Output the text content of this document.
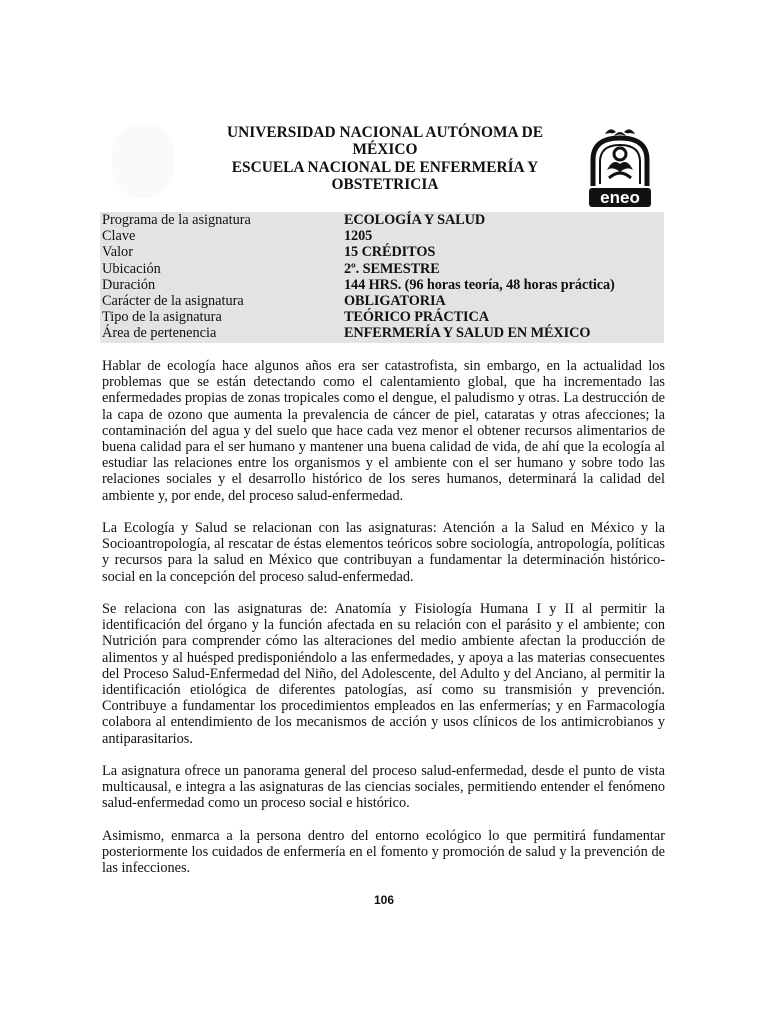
UNIVERSIDAD NACIONAL AUTÓNOMA DE
MÉXICO
ESCUELA NACIONAL DE ENFERMERÍA Y
OBSTETRICIA
eneo
Programa de la asignatura	ECOLOGÍA Y SALUD
Clave	1205
Valor	15 CRÉDITOS
Ubicación	2º. SEMESTRE
Duración	144 HRS. (96 horas teoría, 48 horas práctica)
Carácter de la asignatura	OBLIGATORIA
Tipo de la asignatura	TEÓRICO PRÁCTICA
Área de pertenencia	ENFERMERÍA Y SALUD EN MÉXICO

Hablar de ecología hace algunos años era ser catastrofista, sin embargo, en la actualidad los problemas que se están detectando como el calentamiento global, que ha incrementado las enfermedades propias de zonas tropicales como el dengue, el paludismo y otras. La destrucción de la capa de ozono que aumenta la prevalencia de cáncer de piel, cataratas y otras afecciones; la contaminación del agua y del suelo que hace cada vez menor el obtener recursos alimentarios de buena calidad para el ser humano y mantener una buena calidad de vida, de ahí que la ecología al estudiar las relaciones entre los organismos y el ambiente con el ser humano y sobre todo las relaciones sociales y el desarrollo histórico de los seres humanos, determinará la calidad del ambiente y, por ende, del proceso salud-enfermedad.

La Ecología y Salud se relacionan con las asignaturas: Atención a la Salud en México y la Socioantropología, al rescatar de éstas elementos teóricos sobre sociología, antropología, políticas y recursos para la salud en México que contribuyan a fundamentar la determinación histórico-social en la concepción del proceso salud-enfermedad.

Se relaciona con las asignaturas de: Anatomía y Fisiología Humana I y II al permitir la identificación del órgano y la función afectada en su relación con el parásito y el ambiente; con Nutrición para comprender cómo las alteraciones del medio ambiente afectan la producción de alimentos y al huésped predisponiéndolo a las enfermedades, y apoya a las materias consecuentes del Proceso Salud-Enfermedad del Niño, del Adolescente, del Adulto y del Anciano, al permitir la identificación etiológica de diferentes patologías, así como su transmisión y prevención. Contribuye a fundamentar los procedimientos empleados en las enfermerías; y en Farmacología colabora al entendimiento de los mecanismos de acción y usos clínicos de los antimicrobianos y antiparasitarios.

La asignatura ofrece un panorama general del proceso salud-enfermedad, desde el punto de vista multicausal, e integra a las asignaturas de las ciencias sociales, permitiendo entender el fenómeno salud-enfermedad como un proceso social e histórico.

Asimismo, enmarca a la persona dentro del entorno ecológico lo que permitirá fundamentar posteriormente los cuidados de enfermería en el fomento y promoción de salud y la prevención de las infecciones.

106
